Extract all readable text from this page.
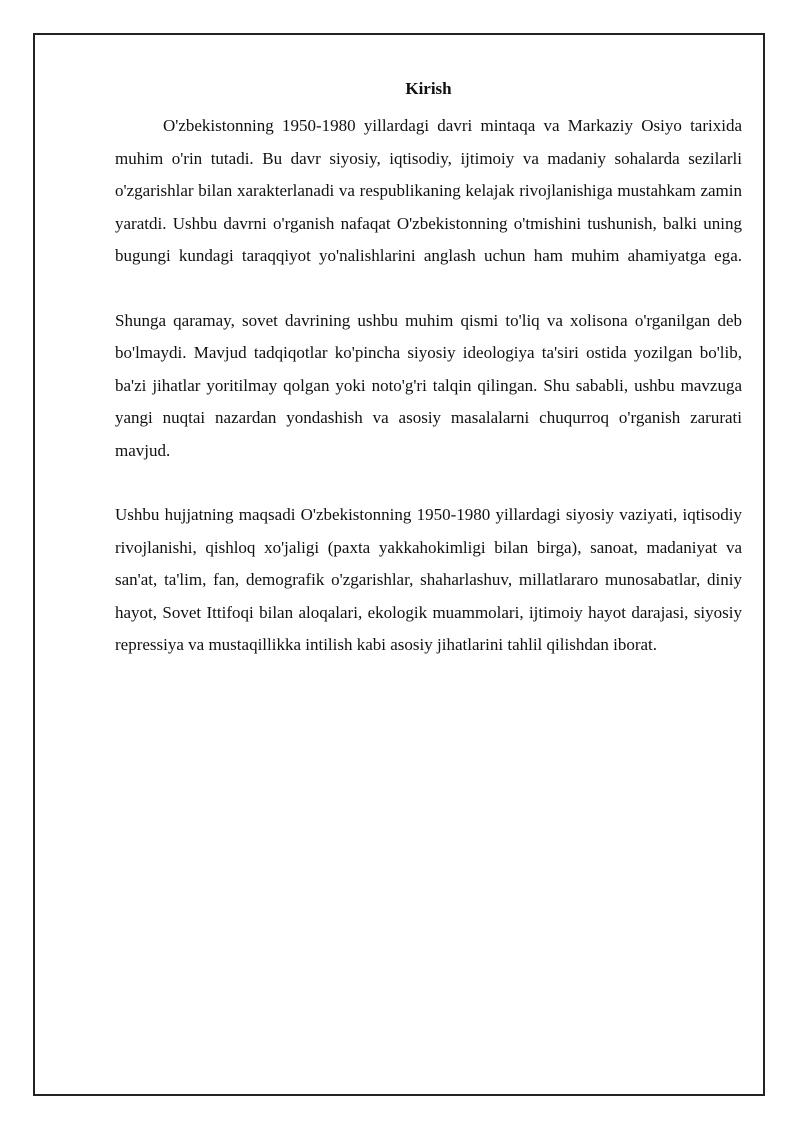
Kirish

O'zbekistonning 1950-1980 yillardagi davri mintaqa va Markaziy Osiyo tarixida muhim o'rin tutadi. Bu davr siyosiy, iqtisodiy, ijtimoiy va madaniy sohalarda sezilarli o'zgarishlar bilan xarakterlanadi va respublikaning kelajak rivojlanishiga mustahkam zamin yaratdi. Ushbu davrni o'rganish nafaqat O'zbekistonning o'tmishini tushunish, balki uning bugungi kundagi taraqqiyot yo'nalishlarini anglash uchun ham muhim ahamiyatga ega.

Shunga qaramay, sovet davrining ushbu muhim qismi to'liq va xolisona o'rganilgan deb bo'lmaydi. Mavjud tadqiqotlar ko'pincha siyosiy ideologiya ta'siri ostida yozilgan bo'lib, ba'zi jihatlar yoritilmay qolgan yoki noto'g'ri talqin qilingan. Shu sababli, ushbu mavzuga yangi nuqtai nazardan yondashish va asosiy masalalarni chuqurroq o'rganish zarurati mavjud.

Ushbu hujjatning maqsadi O'zbekistonning 1950-1980 yillardagi siyosiy vaziyati, iqtisodiy rivojlanishi, qishloq xo'jaligi (paxta yakkahokimligi bilan birga), sanoat, madaniyat va san'at, ta'lim, fan, demografik o'zgarishlar, shaharlashuv, millatlararo munosabatlar, diniy hayot, Sovet Ittifoqi bilan aloqalari, ekologik muammolari, ijtimoiy hayot darajasi, siyosiy repressiya va mustaqillikka intilish kabi asosiy jihatlarini tahlil qilishdan iborat.
